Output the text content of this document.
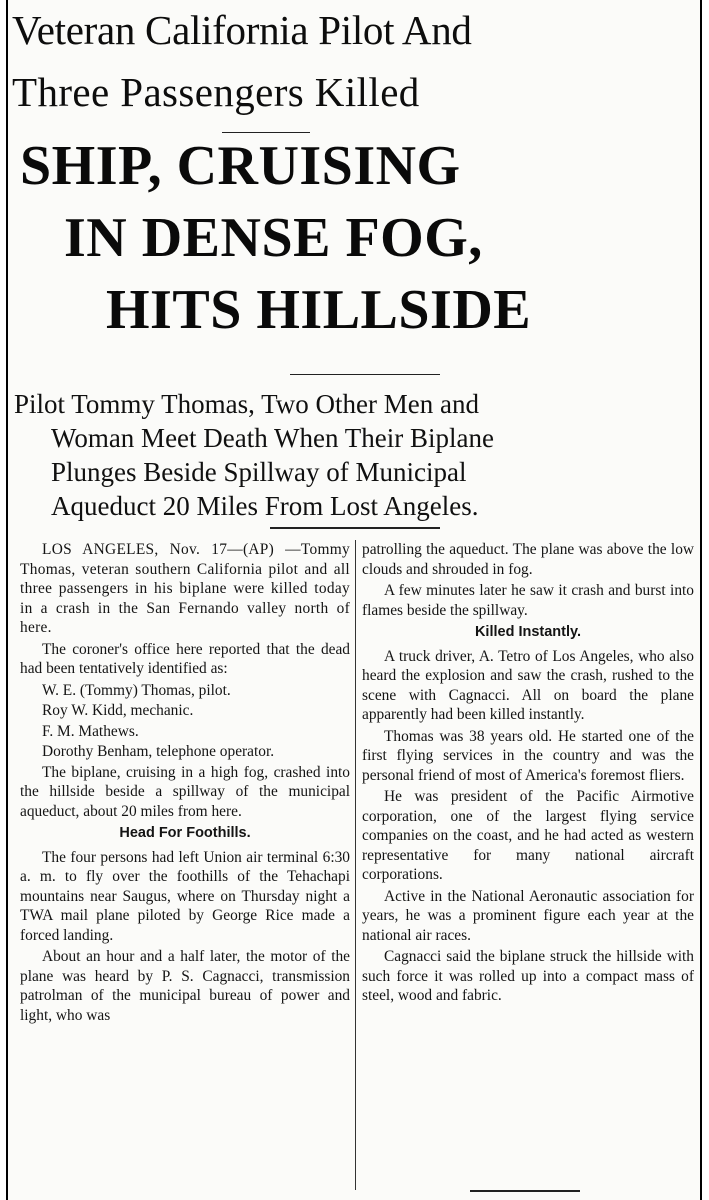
Veteran California Pilot And
Three Passengers Killed
SHIP, CRUISING
IN DENSE FOG,
HITS HILLSIDE
Pilot Tommy Thomas, Two Other Men and
Woman Meet Death When Their Biplane
Plunges Beside Spillway of Municipal
Aqueduct 20 Miles From Lost Angeles.

LOS ANGELES, Nov. 17—(AP) —Tommy Thomas, veteran southern California pilot and all three passengers in his biplane were killed today in a crash in the San Fernando valley north of here.

The coroner's office here reported that the dead had been tentatively identified as:

W. E. (Tommy) Thomas, pilot.

Roy W. Kidd, mechanic.

F. M. Mathews.

Dorothy Benham, telephone operator.

The biplane, cruising in a high fog, crashed into the hillside beside a spillway of the municipal aqueduct, about 20 miles from here.

Head For Foothills.

The four persons had left Union air terminal 6:30 a. m. to fly over the foothills of the Tehachapi mountains near Saugus, where on Thursday night a TWA mail plane piloted by George Rice made a forced landing.

About an hour and a half later, the motor of the plane was heard by P. S. Cagnacci, transmission patrolman of the municipal bureau of power and light, who was

patrolling the aqueduct. The plane was above the low clouds and shrouded in fog.

A few minutes later he saw it crash and burst into flames beside the spillway.

Killed Instantly.

A truck driver, A. Tetro of Los Angeles, who also heard the explosion and saw the crash, rushed to the scene with Cagnacci. All on board the plane apparently had been killed instantly.

Thomas was 38 years old. He started one of the first flying services in the country and was the personal friend of most of America's foremost fliers.

He was president of the Pacific Airmotive corporation, one of the largest flying service companies on the coast, and he had acted as western representative for many national aircraft corporations.

Active in the National Aeronautic association for years, he was a prominent figure each year at the national air races.

Cagnacci said the biplane struck the hillside with such force it was rolled up into a compact mass of steel, wood and fabric.
